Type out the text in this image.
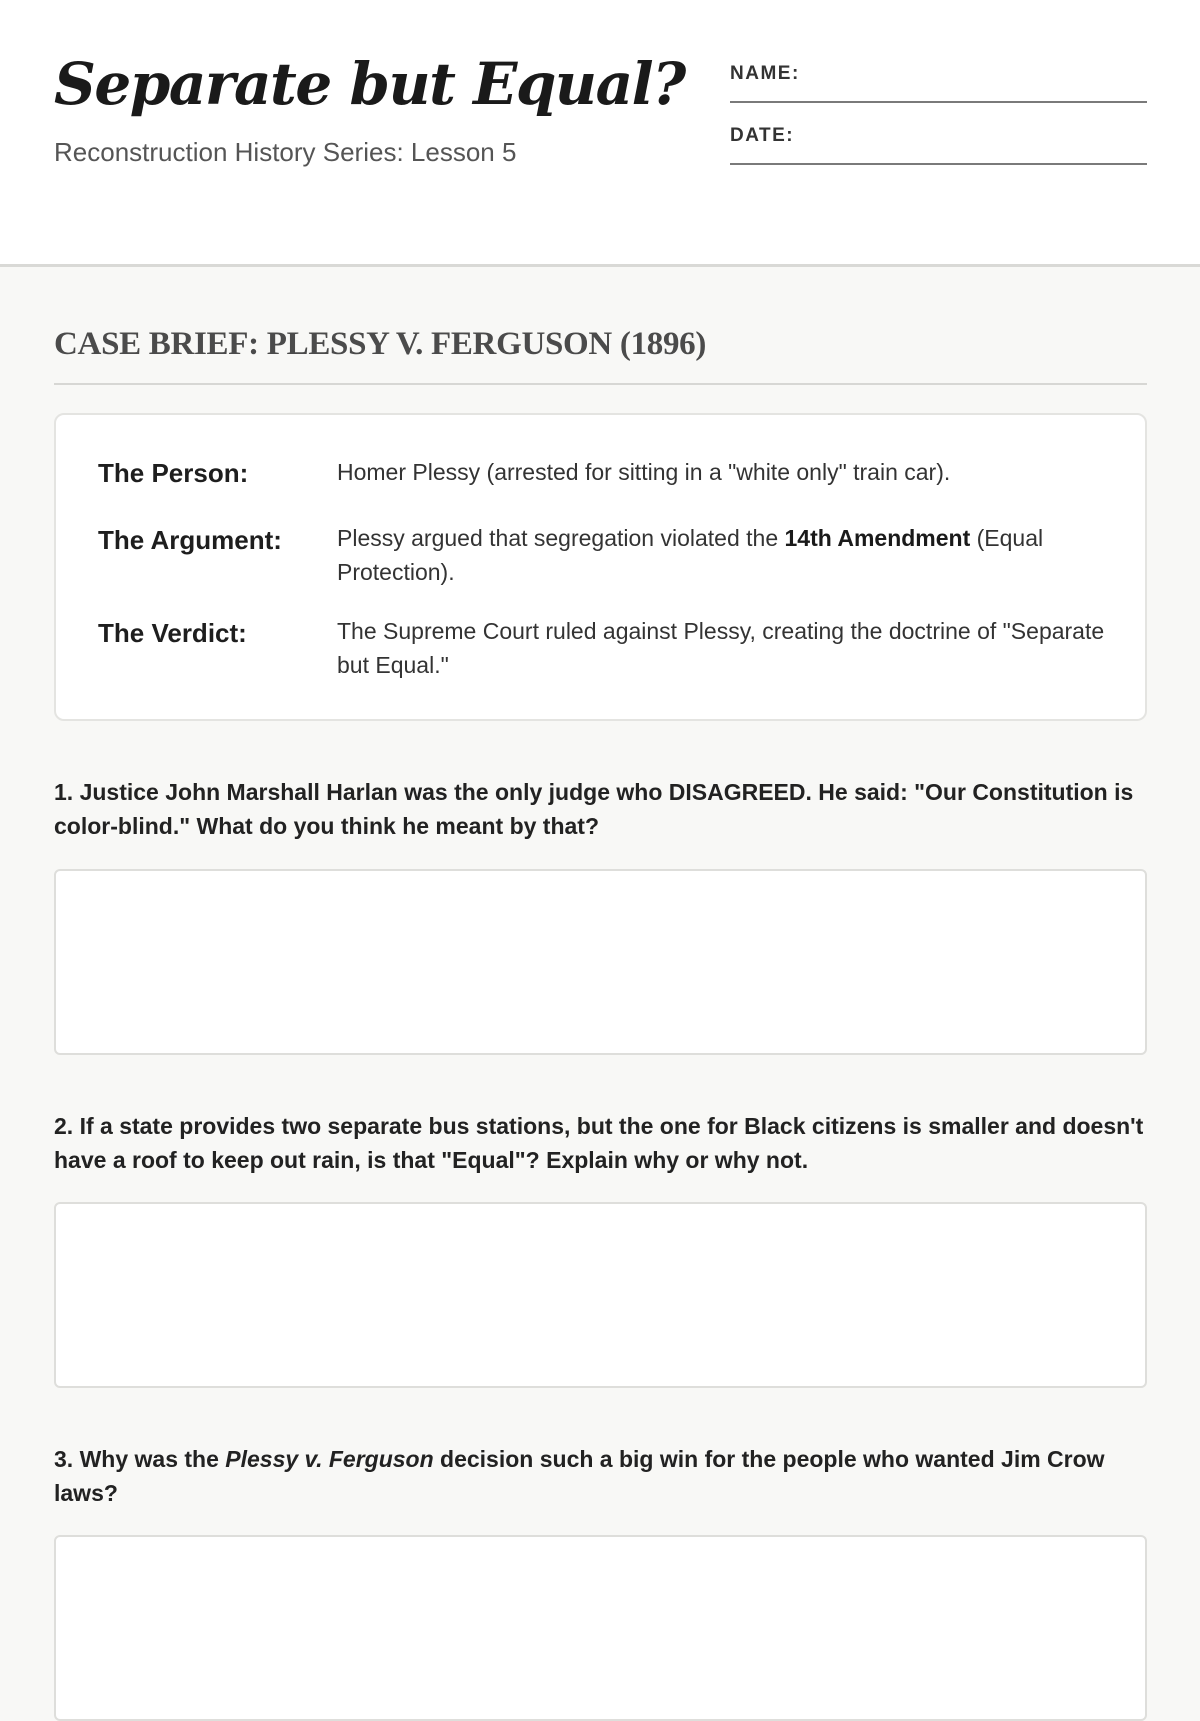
Separate but Equal?
Reconstruction History Series: Lesson 5
NAME:
DATE:
CASE BRIEF: PLESSY V. FERGUSON (1896)
The Person:	Homer Plessy (arrested for sitting in a "white only" train car).
The Argument: Plessy argued that segregation violated the 14th Amendment (Equal Protection).
The Verdict:	The Supreme Court ruled against Plessy, creating the doctrine of "Separate but Equal."

1. Justice John Marshall Harlan was the only judge who DISAGREED. He said: "Our Constitution is color-blind." What do you think he meant by that?

2. If a state provides two separate bus stations, but the one for Black citizens is smaller and doesn't have a roof to keep out rain, is that "Equal"? Explain why or why not.

3. Why was the Plessy v. Ferguson decision such a big win for the people who wanted Jim Crow laws?
